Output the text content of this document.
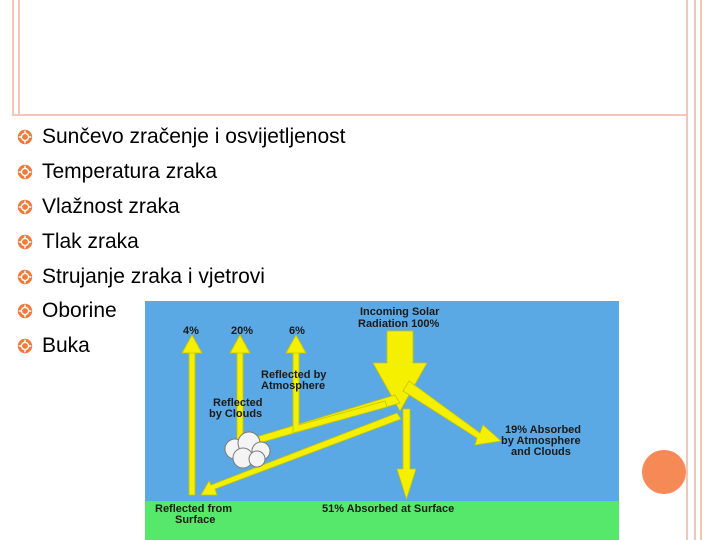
Sunčevo zračenje i osvijetljenost
Temperatura zraka
Vlažnost zraka
Tlak zraka
Strujanje zraka i vjetrovi
Oborine
Buka
Incoming Solar
Radiation 100%
4%	20%	6%
Reflected by
Atmosphere
Reflected
by Clouds
19% Absorbed
by Atmosphere
and Clouds
Reflected from
Surface
51% Absorbed at Surface
